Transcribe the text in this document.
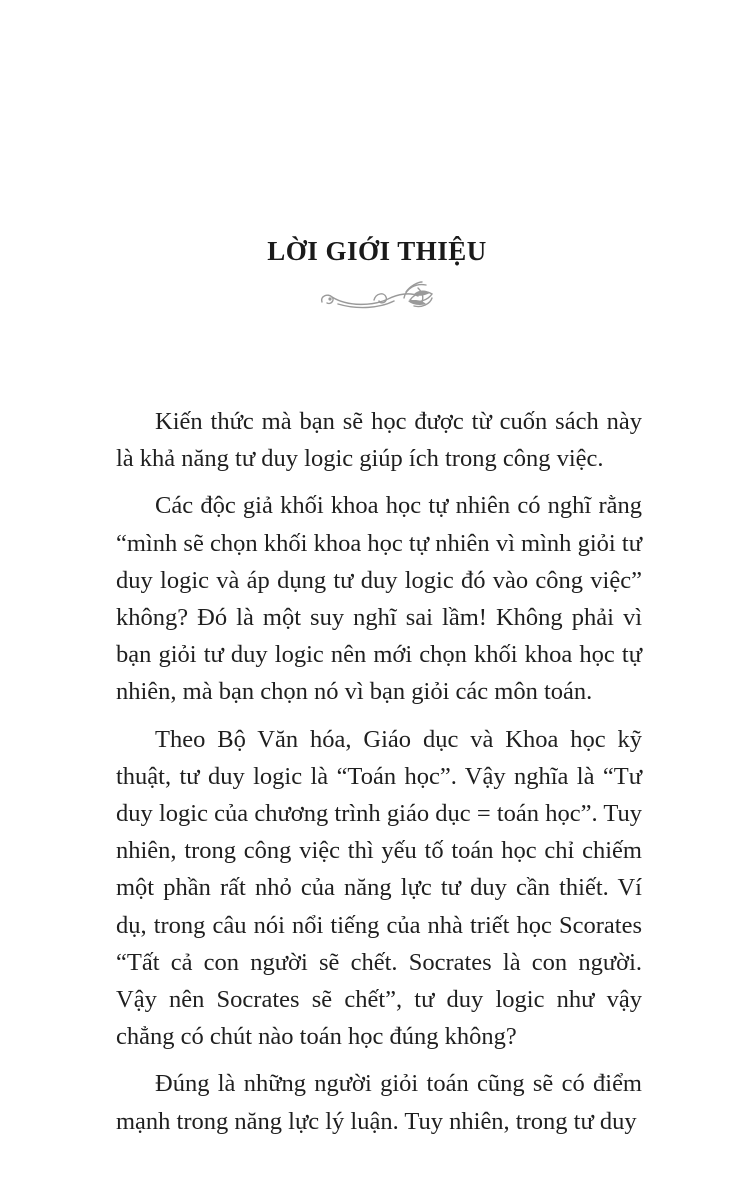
LỜI GIỚI THIỆU

Kiến thức mà bạn sẽ học được từ cuốn sách này là khả năng tư duy logic giúp ích trong công việc.

Các độc giả khối khoa học tự nhiên có nghĩ rằng “mình sẽ chọn khối khoa học tự nhiên vì mình giỏi tư duy logic và áp dụng tư duy logic đó vào công việc” không? Đó là một suy nghĩ sai lầm! Không phải vì bạn giỏi tư duy logic nên mới chọn khối khoa học tự nhiên, mà bạn chọn nó vì bạn giỏi các môn toán.

Theo Bộ Văn hóa, Giáo dục và Khoa học kỹ thuật, tư duy logic là “Toán học”. Vậy nghĩa là “Tư duy logic của chương trình giáo dục = toán học”. Tuy nhiên, trong công việc thì yếu tố toán học chỉ chiếm một phần rất nhỏ của năng lực tư duy cần thiết. Ví dụ, trong câu nói nổi tiếng của nhà triết học Scorates “Tất cả con người sẽ chết. Socrates là con người. Vậy nên Socrates sẽ chết”, tư duy logic như vậy chẳng có chút nào toán học đúng không?

Đúng là những người giỏi toán cũng sẽ có điểm mạnh trong năng lực lý luận. Tuy nhiên, trong tư duy
